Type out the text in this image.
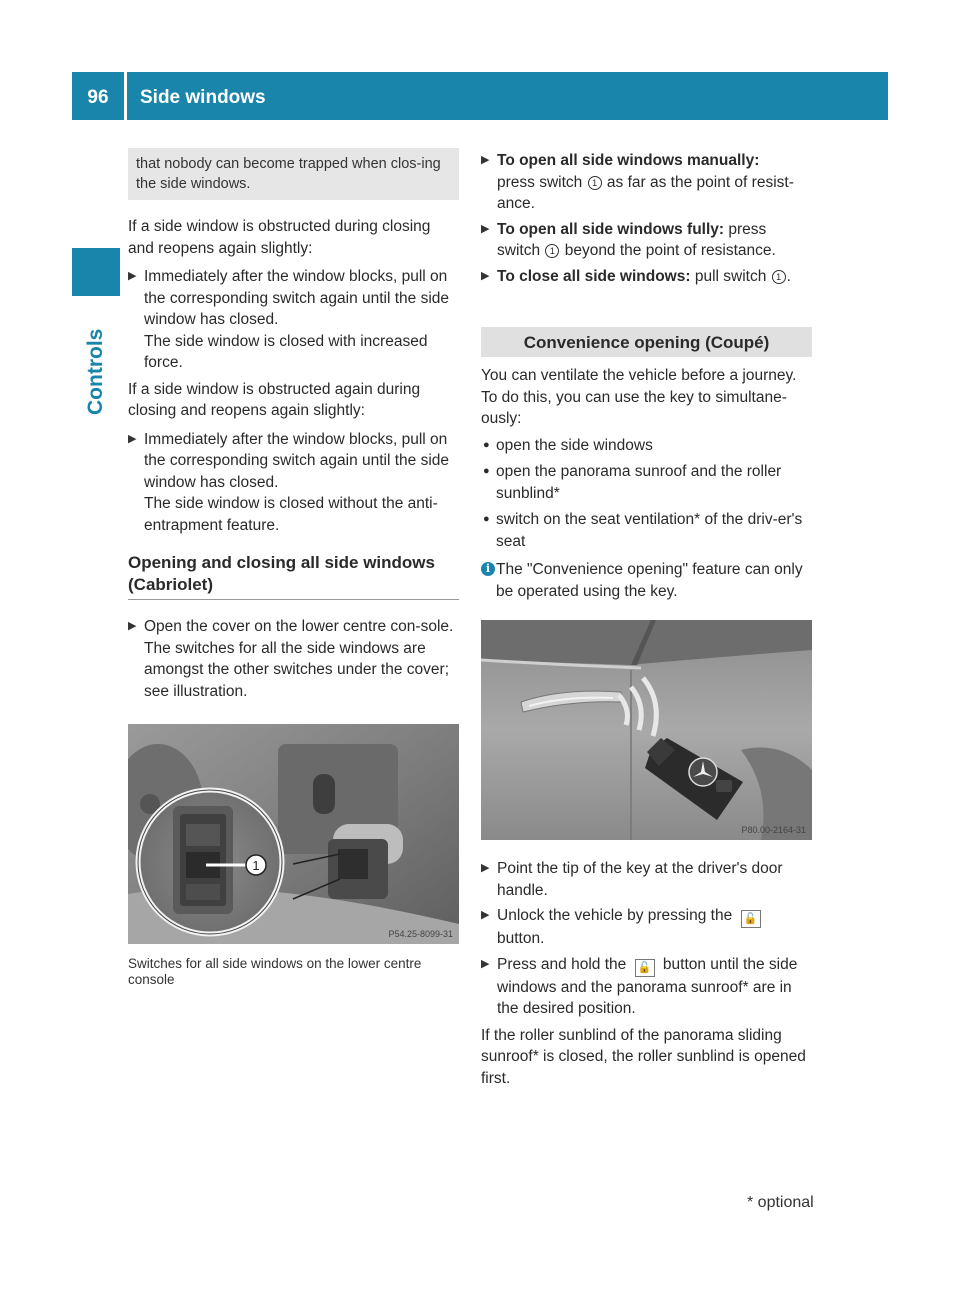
96	Side windows
Controls
that nobody can become trapped when clos-ing the side windows.

If a side window is obstructed during closing and reopens again slightly:

▶ Immediately after the window blocks, pull on the corresponding switch again until the side window has closed.

The side window is closed with increased force.

If a side window is obstructed again during closing and reopens again slightly:

▶ Immediately after the window blocks, pull on the corresponding switch again until the side window has closed.

The side window is closed without the anti-entrapment feature.

Opening and closing all side windows (Cabriolet)
▶ Open the cover on the lower centre con-sole.

The switches for all the side windows are amongst the other switches under the cover; see illustration.

1
P54.25-8099-31

Switches for all side windows on the lower centre console

▶ To open all side windows manually:
press switch 1 as far as the point of resist-ance.

▶ To open all side windows fully: press switch 1 beyond the point of resistance.

▶ To close all side windows: pull switch 1 .

Convenience opening (Coupé)

You can ventilate the vehicle before a journey. To do this, you can use the key to simultane-ously:

● open the side windows

● open the panorama sunroof and the roller sunblind*

● switch on the seat ventilation* of the driv-er's seat

i The "Convenience opening" feature can only be operated using the key.

P80.00-2164-31
▶ Point the tip of the key at the driver's door handle.

▶ Unlock the vehicle by pressing the 🔓
button.

▶ Press and hold the 🔓 button until the side windows and the panorama sunroof* are in the desired position.

If the roller sunblind of the panorama sliding sunroof* is closed, the roller sunblind is opened first.

* optional
